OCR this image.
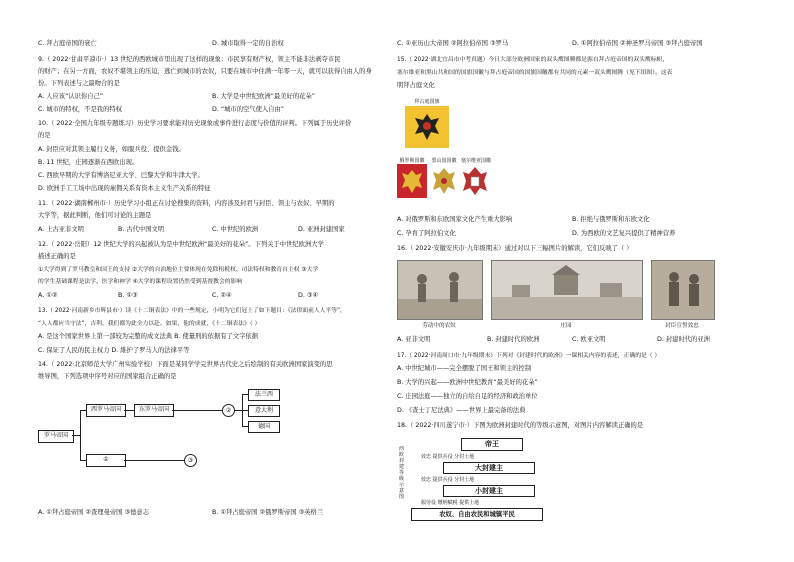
C. 拜占庭帝国的衰亡	D. 城市取得一定的自治权
9.（ 2022·甘肃平凉市·）13 世纪的西欧城市里出现了这样的现象：市民享有财产权，领主不能非法剥夺市民
的财产；在另一方面，农奴不堪领主的压迫，逃亡到城市的农奴，只要在城市中住满一年零一天，就可以获得自由人的身
份。下列表述与之最吻合的是
A. 人应该“认识你自己”	B. 大学是中世纪欧洲“最美好的花朵”
C. 城市的特权，不是我的特权	D. “城市的空气使人自由”
10.（ 2022·全国九年级专题练习）历史学习要求能对历史现象或事件进行态度与价值的评判。下列属于历史评价
的是
A. 封臣应对其领主履行义务，如服兵役、提供金钱。
B. 11 世纪，庄园逐渐在西欧出现。
C. 西欧早期的大学有博洛尼亚大学、巴黎大学和牛津大学。
D. 欧洲手工工场中出现的雇佣关系有资本主义生产关系的特征
11.（ 2022·湖南郴州市·）历史学习小组正在讨论搜集的资料，内容涉及封君与封臣、领主与农奴、早期的
大学等，据此判断，他们可讨论的主题是
A. 上古亚非文明	B. 古代中国文明	C. 中世纪的欧洲	D. 亚洲封建国家
12.（ 2022·岳阳）12 世纪大学的兴起被认为是中世纪欧洲“最美好的花朵”。下列关于中世纪欧洲大学
描述正确的是
①大学得到了罗马教皇和国王的支持 ②大学的自治地位主要体现在免除租税权、司法特权和教育自主权 ③大学
的学生基础课程是法学、医学和神学 ④大学的课程设置仍然受到基督教会的影响
A. ①②	B. ①③	C. ②④	D. ③④
13.（ 2022·河南新乡市辉县市·）读《十二铜表法》中的一些规定，小明为它们冠上了如下题目：《法律面前人人平等”，
“人人都应当守法”，吉利，我们都为此全力以赴。如果，他的成就，《十二铜表法》（ ）
A. 是这个国家世界上第一部较为完整的成文法典 B. 使量刑的依据有了文字依据
C. 保证了人民的民主权力 D. 維护了罗马人的法律平等
14.（ 2022·北京师范大学广州实验学校）下面是某同学学完世界古代史之后绘制的有关欧洲国家演变的思
维导图，下列选项中序号对应的国家组合正确的是
罗马帝国
西罗马帝国
①
东罗马帝国	②
法兰西
意大利
德国
③
A. ①拜占庭帝国 ②查理曼帝国 ③德意志	B. ①拜占庭帝国 ②俄罗斯帝国 ③英格兰
C. ①亚历山大帝国 ②阿拉伯帝国 ③罗马	D. ①阿拉伯帝国 ②神圣罗马帝国 ③拜占庭帝国
15.（ 2022·湖北宜昌市中考真题）今日大部分欧洲国家的双头鹰图腾都是源自拜占庭帝国的双头鹰标帜，
塞尔维亚和黑山共和国的国旗国徽与拜占庭帝国的国旗国徽都有共同的元素一双头鹰图腾（见下组图）。这表
明拜占庭文化
拜占庭国旗
俄罗斯国徽	黑山国国徽 塞尔维亚国徽
A. 对俄罗斯和东欧国家文化产生重大影响	B. 拒绝与俄罗斯和东欧文化
C. 孕育了阿拉伯文化	D. 为西欧的文艺复兴提供了精神营养
16.（ 2022·安徽安庆市·九年级期末）通过对以下三幅图片的解读，它们反映了（ ）
劳动中的农奴	庄园	封臣宣誓效忠
A. 亚非文明	B. 封建时代的欧洲	C. 欧亚文明	D. 封建时代的亚洲
17.（ 2022·河南周口市·九年级期末）下列对《封建时代的欧洲》一课相关内容的表述，正确的是（ ）
A. 中世纪城市——完全摆脱了国王和领主的控制
B. 大学的兴起——欧洲中世纪教育“最美好的花朵”
C. 庄园法庭——独立的自给自足的经济和政治单位
D. 《查士丁尼法典》——世界上最完备的法典
18.（ 2022·四川遂宁市·）下图为欧洲封建时代的等级示意图，对图片内容解读正确的是
西欧封建等级示意图
帝王
效忠 提供兵役 分封土地
大封建主
效忠 提供兵役 分封土地
小封建主
服劳役 缴纳赋税 提供土地
农奴、自由农民和城镇平民
